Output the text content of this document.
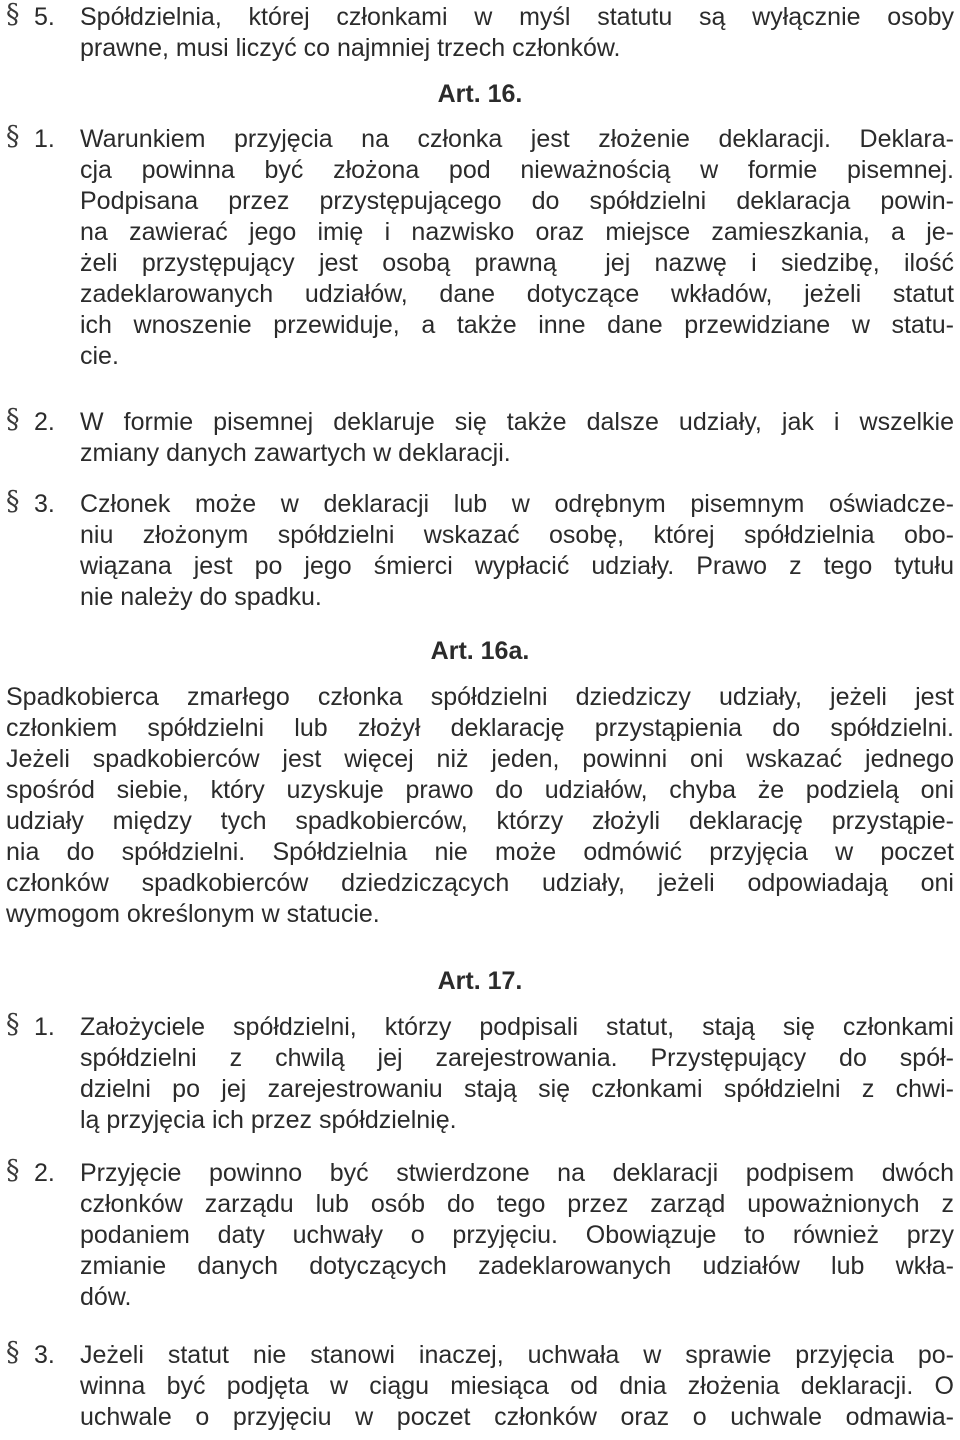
§ 5.	Spółdzielnia, której członkami w myśl statutu są wyłącznie osoby
prawne, musi liczyć co najmniej trzech członków.
Art. 16.
§ 1.	Warunkiem przyjęcia na członka jest złożenie deklaracji. Deklara-
cja powinna być złożona pod nieważnością w formie pisemnej.
Podpisana przez przystępującego do spółdzielni deklaracja powin-
na zawierać jego imię i nazwisko oraz miejsce zamieszkania, a je-
żeli przystępujący jest osobą prawną  jej nazwę i siedzibę, ilość
zadeklarowanych udziałów, dane dotyczące wkładów, jeżeli statut
ich wnoszenie przewiduje, a także inne dane przewidziane w statu-
cie.
§ 2.	W formie pisemnej deklaruje się także dalsze udziały, jak i wszelkie
zmiany danych zawartych w deklaracji.
§ 3.	Członek może w deklaracji lub w odrębnym pisemnym oświadcze-
niu złożonym spółdzielni wskazać osobę, której spółdzielnia obo-
wiązana jest po jego śmierci wypłacić udziały. Prawo z tego tytułu
nie należy do spadku.
Art. 16a.
Spadkobierca zmarłego członka spółdzielni dziedziczy udziały, jeżeli jest
członkiem spółdzielni lub złożył deklarację przystąpienia do spółdzielni.
Jeżeli spadkobierców jest więcej niż jeden, powinni oni wskazać jednego
spośród siebie, który uzyskuje prawo do udziałów, chyba że podzielą oni
udziały między tych spadkobierców, którzy złożyli deklarację przystąpie-
nia do spółdzielni. Spółdzielnia nie może odmówić przyjęcia w poczet
członków spadkobierców dziedziczących udziały, jeżeli odpowiadają oni
wymogom określonym w statucie.
Art. 17.
§ 1.	Założyciele spółdzielni, którzy podpisali statut, stają się członkami
spółdzielni z chwilą jej zarejestrowania. Przystępujący do spół-
dzielni po jej zarejestrowaniu stają się członkami spółdzielni z chwi-
lą przyjęcia ich przez spółdzielnię.
§ 2.	Przyjęcie powinno być stwierdzone na deklaracji podpisem dwóch
członków zarządu lub osób do tego przez zarząd upoważnionych z
podaniem daty uchwały o przyjęciu. Obowiązuje to również przy
zmianie danych dotyczących zadeklarowanych udziałów lub wkła-
dów.
§ 3.	Jeżeli statut nie stanowi inaczej, uchwała w sprawie przyjęcia po-
winna być podjęta w ciągu miesiąca od dnia złożenia deklaracji. O
uchwale o przyjęciu w poczet członków oraz o uchwale odmawia-
